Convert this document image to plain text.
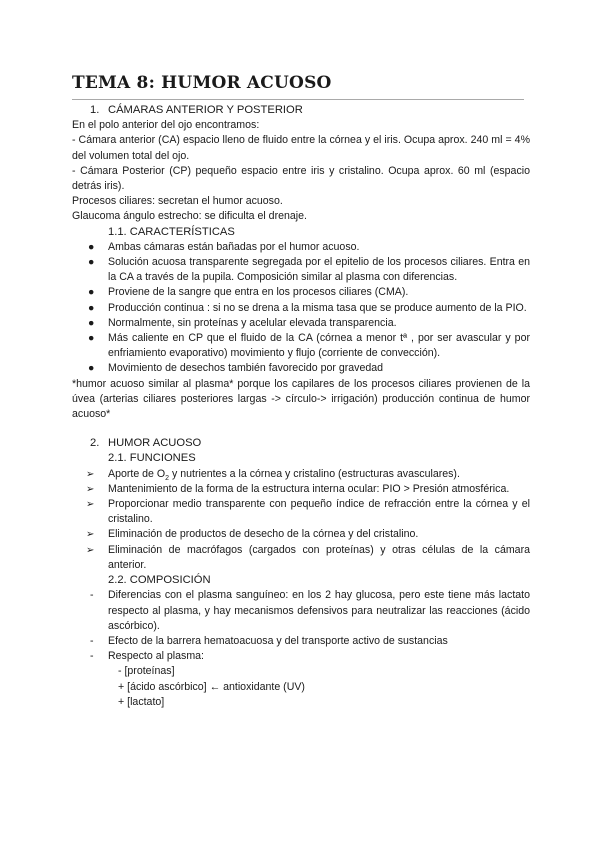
TEMA 8: HUMOR ACUOSO
1. CÁMARAS ANTERIOR Y POSTERIOR
En el polo anterior del ojo encontramos:
- Cámara anterior (CA) espacio lleno de fluido entre la córnea y el iris. Ocupa aprox. 240 ml = 4% del volumen total del ojo.
- Cámara Posterior (CP) pequeño espacio entre iris y cristalino. Ocupa aprox. 60 ml (espacio detrás iris).
Procesos ciliares: secretan el humor acuoso.
Glaucoma ángulo estrecho: se dificulta el drenaje.
1.1. CARACTERÍSTICAS
● Ambas cámaras están bañadas por el humor acuoso.
● Solución acuosa transparente segregada por el epitelio de los procesos ciliares. Entra en la CA a través de la pupila. Composición similar al plasma con diferencias.
● Proviene de la sangre que entra en los procesos ciliares (CMA).
● Producción continua : si no se drena a la misma tasa que se produce aumento de la PIO.
● Normalmente, sin proteínas y acelular elevada transparencia.
● Más caliente en CP que el fluido de la CA (córnea a menor tª , por ser avascular y por enfriamiento evaporativo) movimiento y flujo (corriente de convección).
● Movimiento de desechos también favorecido por gravedad
*humor acuoso similar al plasma* porque los capilares de los procesos ciliares provienen de la úvea (arterias ciliares posteriores largas -> círculo-> irrigación) producción continua de humor acuoso*
2. HUMOR ACUOSO
2.1. FUNCIONES
➢ Aporte de $O_2$ y nutrientes a la córnea y cristalino (estructuras avasculares).
➢ Mantenimiento de la forma de la estructura interna ocular: PIO > Presión atmosférica.
➢ Proporcionar medio transparente con pequeño índice de refracción entre la córnea y el cristalino.
➢ Eliminación de productos de desecho de la córnea y del cristalino.
➢ Eliminación de macrófagos (cargados con proteínas) y otras células de la cámara anterior.
2.2. COMPOSICIÓN
- Diferencias con el plasma sanguíneo: en los 2 hay glucosa, pero este tiene más lactato respecto al plasma, y hay mecanismos defensivos para neutralizar las reacciones (ácido ascórbico).
- Efecto de la barrera hematoacuosa y del transporte activo de sustancias
- Respecto al plasma:
- [proteínas]
+ [ácido ascórbico] ← antioxidante (UV)
+ [lactato]
